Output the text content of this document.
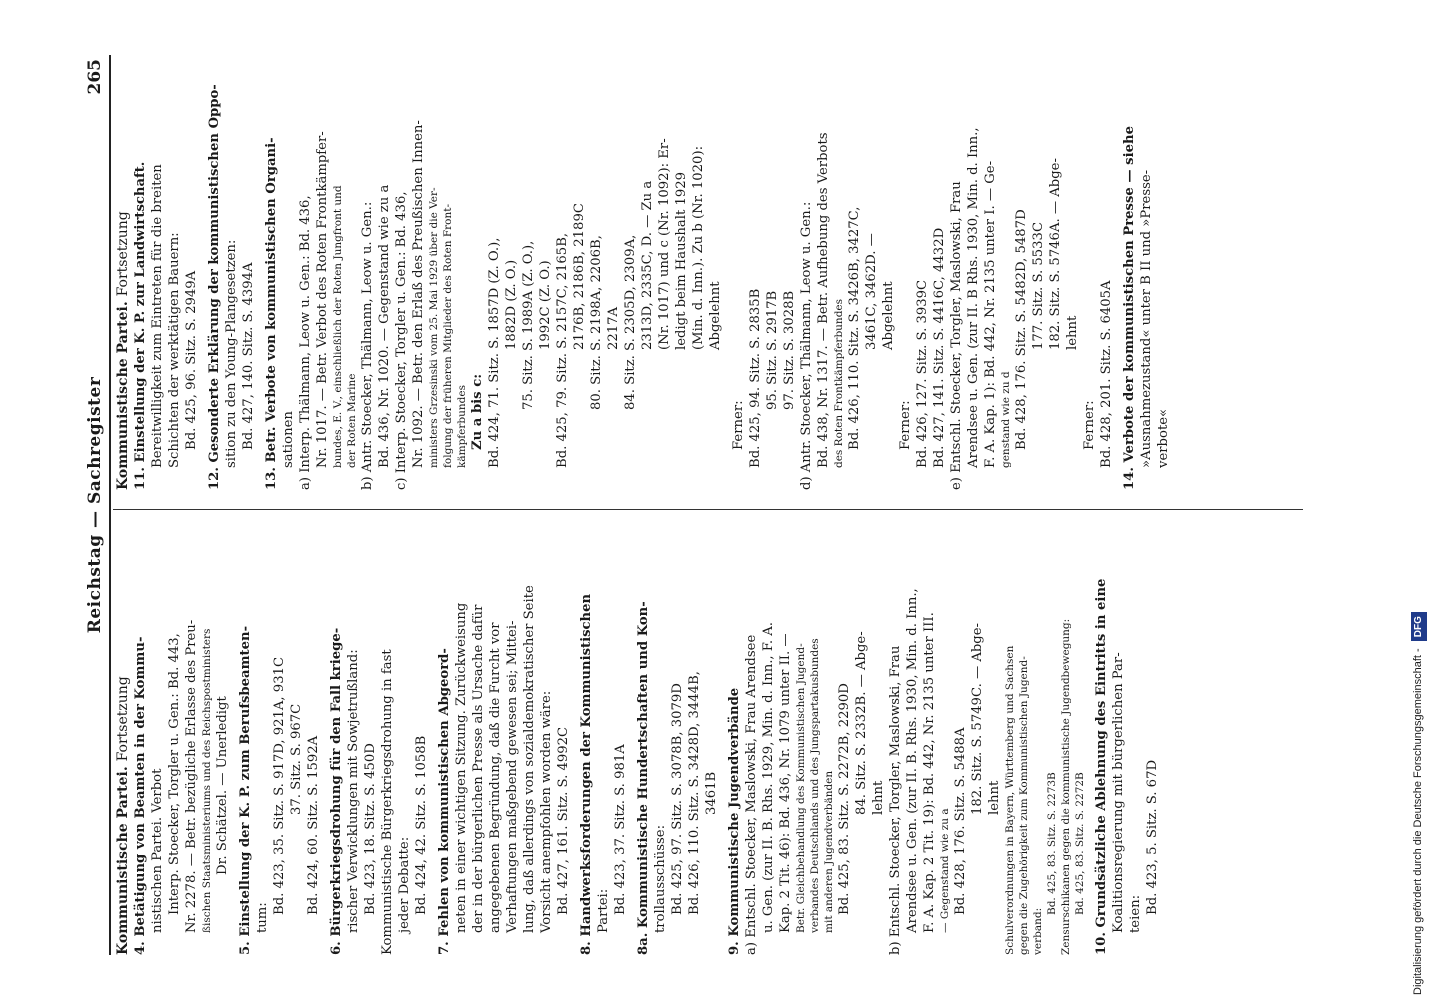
Reichstag — Sachregister
265
Kommunistische Partei. Fortsetzung 4. Betätigung von Beamten in der Kommu- nistischen Partei. Verbot Interp. Stoecker, Torgler u. Gen.: Bd. 443, Nr. 2278. — Betr. bezügliche Erlasse des Preu- ßischen Staatsministeriums und des Reichspostministers Dr. Schätzel. — Unerledigt 5. Einstellung der K. P. zum Berufsbeamten- tum:
Bd. 423, 35. Sitz. S. 917D, 921A, 931C 37. Sitz. S. 967C Bd. 424, 60. Sitz. S. 1592A 6. Bürgerkriegsdrohung für den Fall kriege- rischer Verwicklungen mit Sowjetrußland: Bd. 423, 18. Sitz. S. 450D Kommunistische Bürgerkriegsdrohung in fast jeder Debatte: Bd. 424, 42. Sitz. S. 1058B 7. Fehlen von kommunistischen Abgeord- neten in einer wichtigen Sitzung. Zurückweisung der in der bürgerlichen Presse als Ursache dafür angegebenen Begründung, daß die Furcht vor Verhaftungen maßgebend gewesen sei; Mittei- lung, daß allerdings von sozialdemokratischer Seite Vorsicht anempfohlen worden wäre: Bd. 427, 161. Sitz. S. 4992C 8. Handwerksforderungen der Kommunistischen Partei: Bd. 423, 37. Sitz. S. 981A 8a. Kommunistische Hundertschaften und Kon- trollausschüsse: Bd. 425, 97. Sitz. S. 3078B, 3079D Bd. 426, 110. Sitz. S. 3428D, 3444B, 3461B 9. Kommunistische Jugendverbände a) Entschl. Stoecker, Maslowski, Frau Arendsee u. Gen. (zur II. B. Rhs. 1929, Min. d. Inn., F. A. Kap. 2 Tit. 46): Bd. 436, Nr. 1079 unter II. — Betr. Gleichbehandlung des Kommunistischen Jugend- verbandes Deutschlands und des Jungspartakusbundes mit anderen Jugendverbänden Bd. 425, 83. Sitz. S. 2272B, 2290D 84. Sitz. S. 2332B. — Abge- lehnt b) Entschl. Stoecker, Torgler, Maslowski, Frau Arendsee u. Gen. (zur II. B. Rhs. 1930, Min. d. Inn., F. A. Kap. 2 Tit. 19): Bd. 442, Nr. 2135 unter III. — Gegenstand wie zu a Bd. 428, 176. Sitz. S. 5488A
182. Sitz. S. 5749C. — Abge- lehnt Schulverordnungen in Bayern, Württemberg und Sachsen gegen die Zugehörigkeit zum Kommunistischen Jugend- verband:
Bd. 425, 83. Sitz. S. 2273B Zensurschikanen gegen die kommunistische Jugendbewegung: Bd. 425, 83. Sitz. S. 2272B 10. Grundsätzliche Ablehnung des Eintritts in eine Koalitionsregierung mit bürgerlichen Par- teien: Bd. 423, 5. Sitz. S. 67D
Kommunistische Partei. Fortsetzung 11. Einstellung der K. P. zur Landwirtschaft. Bereitwilligkeit zum Eintreten für die breiten Schichten der werktätigen Bauern: Bd. 425, 96. Sitz. S. 2949A 12. Gesonderte Erklärung der kommunistischen Oppo- sition zu den Young-Plangesetzen: Bd. 427, 140. Sitz. S. 4394A 13. Betr. Verbote von kommunistischen Organi- sationen a) Interp. Thälmann, Leow u. Gen.: Bd. 436, Nr. 1017. — Betr. Verbot des Roten Frontkämpfer- bundes, E. V., einschließlich der Roten Jungfront und der Roten Marine b) Antr. Stoecker, Thälmann, Leow u. Gen.: Bd. 436, Nr. 1020. — Gegenstand wie zu a c) Interp. Stoecker, Torgler u. Gen.: Bd. 436, Nr. 1092. — Betr. den Erlaß des Preußischen Innen- ministers Grzesinski vom 25. Mai 1929 über die Ver- folgung der früheren Mitglieder des Roten Front- kämpferbundes Zu a bis c: Bd. 424, 71. Sitz. S. 1857D (Z. O.), 1882D (Z. O.) 75. Sitz. S. 1989A (Z. O.), 1992C (Z. O.) Bd. 425, 79. Sitz. S. 2157C, 2165B, 2176B, 2186B, 2189C 80. Sitz. S. 2198A, 2206B, 2217A 84. Sitz. S. 2305D, 2309A, 2313D, 2335C, D. — Zu a (Nr. 1017) und c (Nr. 1092): Er- ledigt beim Haushalt 1929 (Min. d. Inn.). Zu b (Nr. 1020): Abgelehnt
Ferner: Bd. 425, 94. Sitz. S. 2835B 95. Sitz. S. 2917B 97. Sitz. S. 3028B d) Antr. Stoecker, Thälmann, Leow u. Gen.: Bd. 438, Nr. 1317. — Betr. Aufhebung des Verbots des Roten Frontkämpferbundes Bd. 426, 110. Sitz. S. 3426B, 3427C, 3461C, 3462D. — Abgelehnt
Ferner: Bd. 426, 127. Sitz. S. 3939C Bd. 427, 141. Sitz. S. 4416C, 4432D e) Entschl. Stoecker, Torgler, Maslowski, Frau Arendsee u. Gen. (zur II. B Rhs. 1930, Min. d. Inn., F. A. Kap. 1): Bd. 442, Nr. 2135 unter I. — Ge- genstand wie zu d Bd. 428, 176. Sitz. S. 5482D, 5487D 177. Sitz. S. 5533C 182. Sitz. S. 5746A. — Abge- lehnt
Ferner: Bd. 428, 201. Sitz. S. 6405A 14. Verbote der kommunistischen Presse — siehe »Ausnahmezustand« unter B II und »Presse- verbote«
Digitalisierung gefördert durch die Deutsche Forschungsgemeinschaft - DFG
